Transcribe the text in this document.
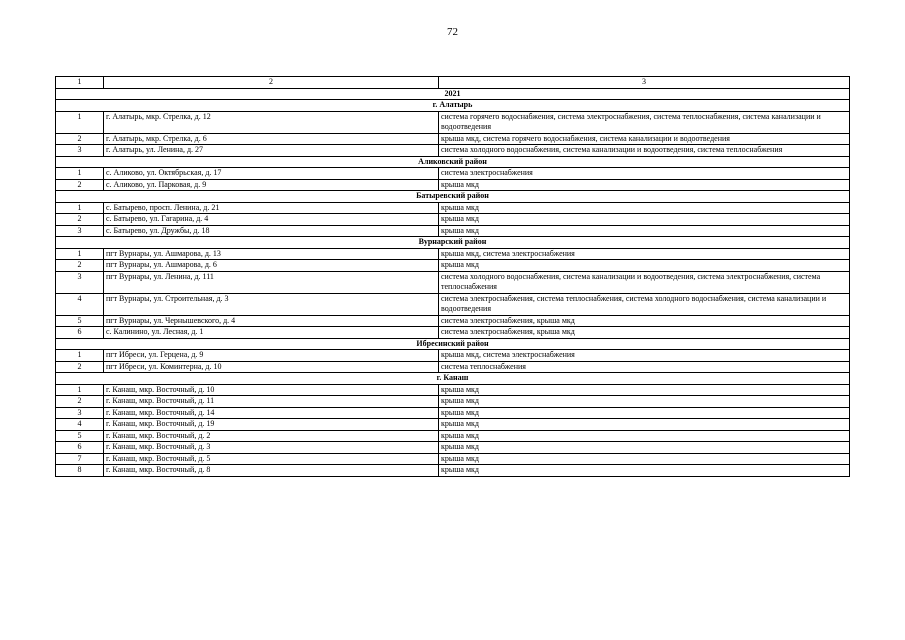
72
1	2	3
2021		
г. Алатырь		
1	г. Алатырь, мкр. Стрелка, д. 12	система горячего водоснабжения, система электроснабжения, система теплоснабжения, система канализации и водоотведения
2	г. Алатырь, мкр. Стрелка, д. 6	крыша мкд, система горячего водоснабжения, система канализации и водоотведения
3	г. Алатырь, ул. Ленина, д. 27	система холодного водоснабжения, система канализации и водоотведения, система теплоснабжения
Аликовский район		
1	с. Аликово, ул. Октябрьская, д. 17	система электроснабжения
2	с. Аликово, ул. Парковая, д. 9	крыша мкд
Батыревский район		
1	с. Батырево, просп. Ленина, д. 21	крыша мкд
2	с. Батырево, ул. Гагарина, д. 4	крыша мкд
3	с. Батырево, ул. Дружбы, д. 18	крыша мкд
Вурнарский район		
1	пгт Вурнары, ул. Ашмарова, д. 13	крыша мкд, система электроснабжения
2	пгт Вурнары, ул. Ашмарова, д. 6	крыша мкд
3	пгт Вурнары, ул. Ленина, д. 111	система холодного водоснабжения, система канализации и водоотведения, система электроснабжения, система теплоснабжения
4	пгт Вурнары, ул. Строительная, д. 3	система электроснабжения, система теплоснабжения, система холодного водоснабжения, система канализации и водоотведения
5	пгт Вурнары, ул. Чернышевского, д. 4	система электроснабжения, крыша мкд
6	с. Калинино, ул. Лесная, д. 1	система электроснабжения, крыша мкд
Ибресинский район		
1	пгт Ибреси, ул. Герцена, д. 9	крыша мкд, система электроснабжения
2	пгт Ибреси, ул. Коминтерна, д. 10	система теплоснабжения
г. Канаш		
1	г. Канаш, мкр. Восточный, д. 10	крыша мкд
2	г. Канаш, мкр. Восточный, д. 11	крыша мкд
3	г. Канаш, мкр. Восточный, д. 14	крыша мкд
4	г. Канаш, мкр. Восточный, д. 19	крыша мкд
5	г. Канаш, мкр. Восточный, д. 2	крыша мкд
6	г. Канаш, мкр. Восточный, д. 3	крыша мкд
7	г. Канаш, мкр. Восточный, д. 5	крыша мкд
8	г. Канаш, мкр. Восточный, д. 8	крыша мкд
